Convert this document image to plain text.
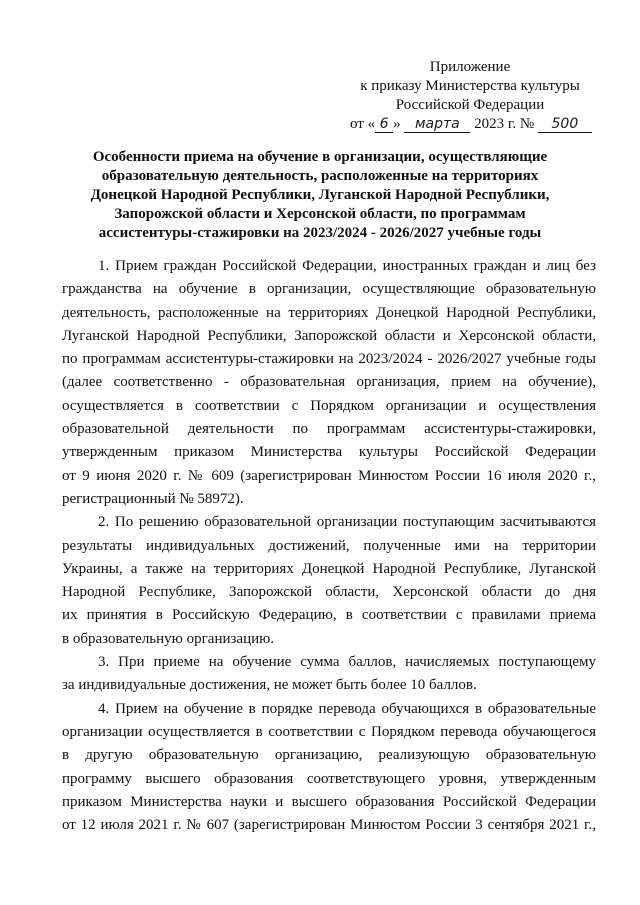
Приложение
к приказу Министерства культуры
Российской Федерации
от « 6 » марта 2023 г. № 500
Особенности приема на обучение в организации, осуществляющие
образовательную деятельность, расположенные на территориях
Донецкой Народной Республики, Луганской Народной Республики,
Запорожской области и Херсонской области, по программам
ассистентуры-стажировки на 2023/2024 - 2026/2027 учебные годы
1. Прием граждан Российской Федерации, иностранных граждан и лиц без
гражданства на обучение в организации, осуществляющие образовательную
деятельность, расположенные на территориях Донецкой Народной Республики,
Луганской Народной Республики, Запорожской области и Херсонской области,
по программам ассистентуры-стажировки на 2023/2024 - 2026/2027 учебные годы
(далее соответственно - образовательная организация, прием на обучение),
осуществляется в соответствии с Порядком организации и осуществления
образовательной деятельности по программам ассистентуры-стажировки,
утвержденным приказом Министерства культуры Российской Федерации
от 9 июня 2020 г. № 609 (зарегистрирован Минюстом России 16 июля 2020 г.,
регистрационный № 58972).
2. По решению образовательной организации поступающим засчитываются
результаты индивидуальных достижений, полученные ими на территории
Украины, а также на территориях Донецкой Народной Республике, Луганской
Народной Республике, Запорожской области, Херсонской области до дня
их принятия в Российскую Федерацию, в соответствии с правилами приема
в образовательную организацию.
3. При приеме на обучение сумма баллов, начисляемых поступающему
за индивидуальные достижения, не может быть более 10 баллов.
4. Прием на обучение в порядке перевода обучающихся в образовательные
организации осуществляется в соответствии с Порядком перевода обучающегося
в другую образовательную организацию, реализующую образовательную
программу высшего образования соответствующего уровня, утвержденным
приказом Министерства науки и высшего образования Российской Федерации
от 12 июля 2021 г. № 607 (зарегистрирован Минюстом России 3 сентября 2021 г.,
